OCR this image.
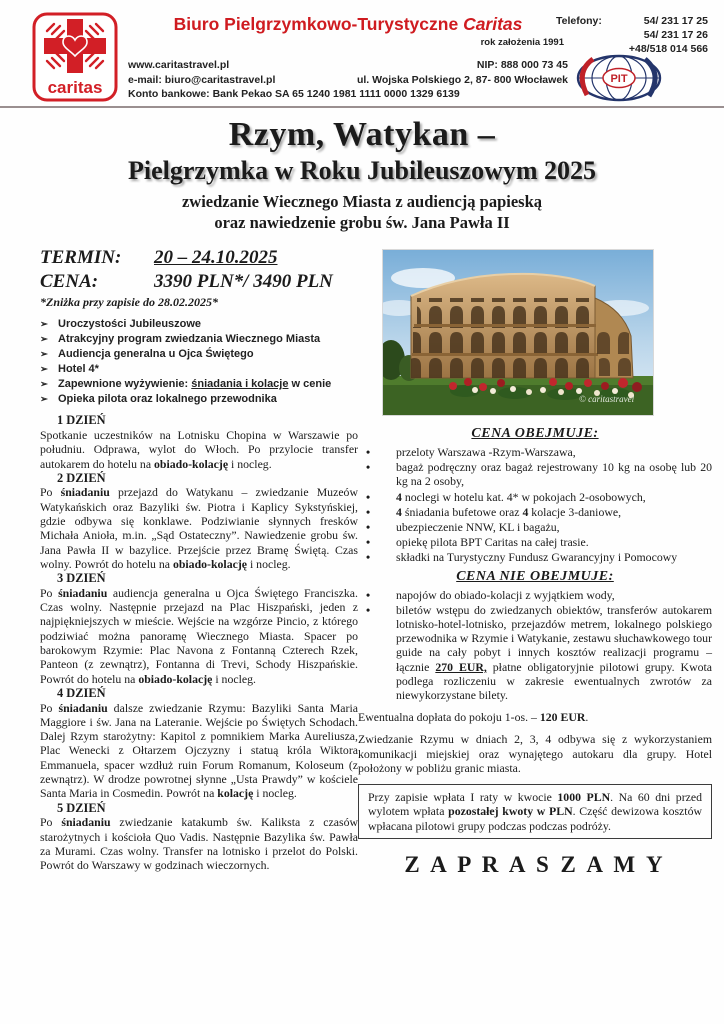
caritas
Biuro Pielgrzymkowo-Turystyczne Caritas
rok założenia 1991
Telefony:	54/ 231 17 25
54/ 231 17 26
+48/518 014 566
www.caritastravel.pl	NIP: 888 000 73 45
e-mail: biuro@caritastravel.pl	ul. Wojska Polskiego 2, 87- 800 Włocławek
Konto bankowe: Bank Pekao SA 65 1240 1981 1111 0000 1329 6139
PIT
Rzym, Watykan –
Pielgrzymka w Roku Jubileuszowym 2025
zwiedzanie Wiecznego Miasta z audiencją papieską
oraz nawiedzenie grobu św. Jana Pawła II
TERMIN:	20 – 24.10.2025
CENA:	3390 PLN*/ 3490 PLN
*Zniżka przy zapisie do 28.02.2025*
➢ Uroczystości Jubileuszowe
➢ Atrakcyjny program zwiedzania Wiecznego Miasta
➢ Audiencja generalna u Ojca Świętego
➢ Hotel 4*
➢ Zapewnione wyżywienie: śniadania i kolacje w cenie
➢ Opieka pilota oraz lokalnego przewodnika
1 DZIEŃ
Spotkanie uczestników na Lotnisku Chopina w Warszawie po południu. Odprawa, wylot do Włoch. Po przylocie transfer autokarem do hotelu na obiado-kolację i nocleg.
2 DZIEŃ
Po śniadaniu przejazd do Watykanu – zwiedzanie Muzeów Watykańskich oraz Bazyliki św. Piotra i Kaplicy Sykstyńskiej, gdzie odbywa się konklawe. Podziwianie słynnych fresków Michała Anioła, m.in. „Sąd Ostateczny”. Nawiedzenie grobu św. Jana Pawła II w bazylice. Przejście przez Bramę Świętą. Czas wolny. Powrót do hotelu na obiado-kolację i nocleg.
3 DZIEŃ
Po śniadaniu audiencja generalna u Ojca Świętego Franciszka. Czas wolny. Następnie przejazd na Plac Hiszpański, jeden z najpiękniejszych w mieście. Wejście na wzgórze Pincio, z którego podziwiać można panoramę Wiecznego Miasta. Spacer po barokowym Rzymie: Plac Navona z Fontanną Czterech Rzek, Panteon (z zewnątrz), Fontanna di Trevi, Schody Hiszpańskie. Powrót do hotelu na obiado-kolację i nocleg.
4 DZIEŃ
Po śniadaniu dalsze zwiedzanie Rzymu: Bazyliki Santa Maria Maggiore i św. Jana na Lateranie. Wejście po Świętych Schodach. Dalej Rzym starożytny: Kapitol z pomnikiem Marka Aureliusza, Plac Wenecki z Ołtarzem Ojczyzny i statuą króla Wiktora Emmanuela, spacer wzdłuż ruin Forum Romanum, Koloseum (z zewnątrz). W drodze powrotnej słynne „Usta Prawdy” w kościele Santa Maria in Cosmedin. Powrót na kolację i nocleg.
5 DZIEŃ
Po śniadaniu zwiedzanie katakumb św. Kaliksta z czasów starożytnych i kościoła Quo Vadis. Następnie Bazylika św. Pawła za Murami. Czas wolny. Transfer na lotnisko i przelot do Polski. Powrót do Warszawy w godzinach wieczornych.
© caritastravel
CENA OBEJMUJE:
•	przeloty Warszawa -Rzym-Warszawa,
•	bagaż podręczny oraz bagaż rejestrowany 10 kg na osobę lub 20 kg na 2 osoby,
•	4 noclegi w hotelu kat. 4* w pokojach 2-osobowych,
•	4 śniadania bufetowe oraz 4 kolacje 3-daniowe,
•	ubezpieczenie NNW, KL i bagażu,
•	opiekę pilota BPT Caritas na całej trasie.
•	składki na Turystyczny Fundusz Gwarancyjny i Pomocowy
CENA NIE OBEJMUJE:
•	napojów do obiado-kolacji z wyjątkiem wody,
•	biletów wstępu do zwiedzanych obiektów, transferów autokarem lotnisko-hotel-lotnisko, przejazdów metrem, lokalnego polskiego przewodnika w Rzymie i Watykanie, zestawu słuchawkowego tour guide na cały pobyt i innych kosztów realizacji programu – łącznie 270 EUR, płatne obligatoryjnie pilotowi grupy. Kwota podlega rozliczeniu w zakresie ewentualnych zwrotów za niewykorzystane bilety.
Ewentualna dopłata do pokoju 1-os. – 120 EUR.
Zwiedzanie Rzymu w dniach 2, 3, 4 odbywa się z wykorzystaniem komunikacji miejskiej oraz wynajętego autokaru dla grupy. Hotel położony w pobliżu granic miasta.
Przy zapisie wpłata I raty w kwocie 1000 PLN. Na 60 dni przed wylotem wpłata pozostałej kwoty w PLN. Część dewizowa kosztów wpłacana pilotowi grupy podczas podczas podróży.
Z A P R A S Z A M Y
